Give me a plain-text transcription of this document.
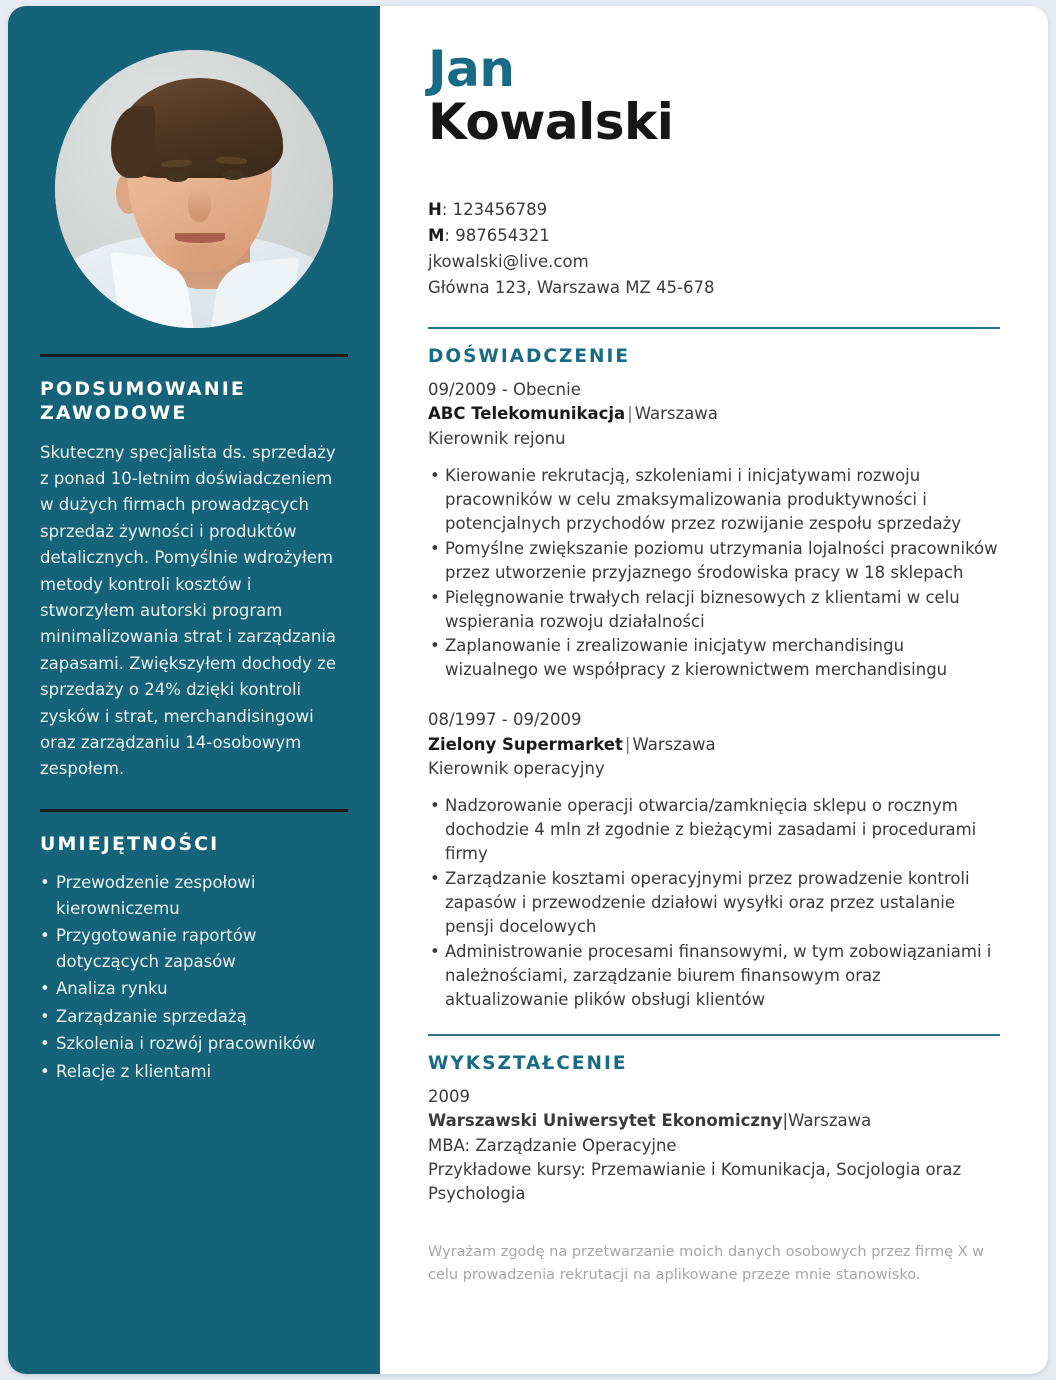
PODSUMOWANIE ZAWODOWE

Skuteczny specjalista ds. sprzedaży z ponad 10-letnim doświadczeniem w dużych firmach prowadzących sprzedaż żywności i produktów detalicznych. Pomyślnie wdrożyłem metody kontroli kosztów i stworzyłem autorski program minimalizowania strat i zarządzania zapasami. Zwiększyłem dochody ze sprzedaży o 24% dzięki kontroli zysków i strat, merchandisingowi oraz zarządzaniu 14-osobowym zespołem.

UMIEJĘTNOŚCI
• Przewodzenie zespołowi kierowniczemu
• Przygotowanie raportów dotyczących zapasów
• Analiza rynku
• Zarządzanie sprzedażą
• Szkolenia i rozwój pracowników
• Relacje z klientami
Jan
Kowalski
H: 123456789
M: 987654321
jkowalski@live.com
Główna 123, Warszawa MZ 45-678
DOŚWIADCZENIE
09/2009 - Obecnie
ABC Telekomunikacja | Warszawa
Kierownik rejonu
• Kierowanie rekrutacją, szkoleniami i inicjatywami rozwoju pracowników w celu zmaksymalizowania produktywności i potencjalnych przychodów przez rozwijanie zespołu sprzedaży
• Pomyślne zwiększanie poziomu utrzymania lojalności pracowników przez utworzenie przyjaznego środowiska pracy w 18 sklepach
• Pielęgnowanie trwałych relacji biznesowych z klientami w celu wspierania rozwoju działalności
• Zaplanowanie i zrealizowanie inicjatyw merchandisingu wizualnego we współpracy z kierownictwem merchandisingu
08/1997 - 09/2009
Zielony Supermarket | Warszawa
Kierownik operacyjny
• Nadzorowanie operacji otwarcia/zamknięcia sklepu o rocznym dochodzie 4 mln zł zgodnie z bieżącymi zasadami i procedurami firmy
• Zarządzanie kosztami operacyjnymi przez prowadzenie kontroli zapasów i przewodzenie działowi wysyłki oraz przez ustalanie pensji docelowych
• Administrowanie procesami finansowymi, w tym zobowiązaniami i należnościami, zarządzanie biurem finansowym oraz aktualizowanie plików obsługi klientów
WYKSZTAŁCENIE
2009
Warszawski Uniwersytet Ekonomiczny|Warszawa
MBA: Zarządzanie Operacyjne
Przykładowe kursy: Przemawianie i Komunikacja, Socjologia oraz Psychologia

Wyrażam zgodę na przetwarzanie moich danych osobowych przez firmę X w celu prowadzenia rekrutacji na aplikowane przeze mnie stanowisko.
